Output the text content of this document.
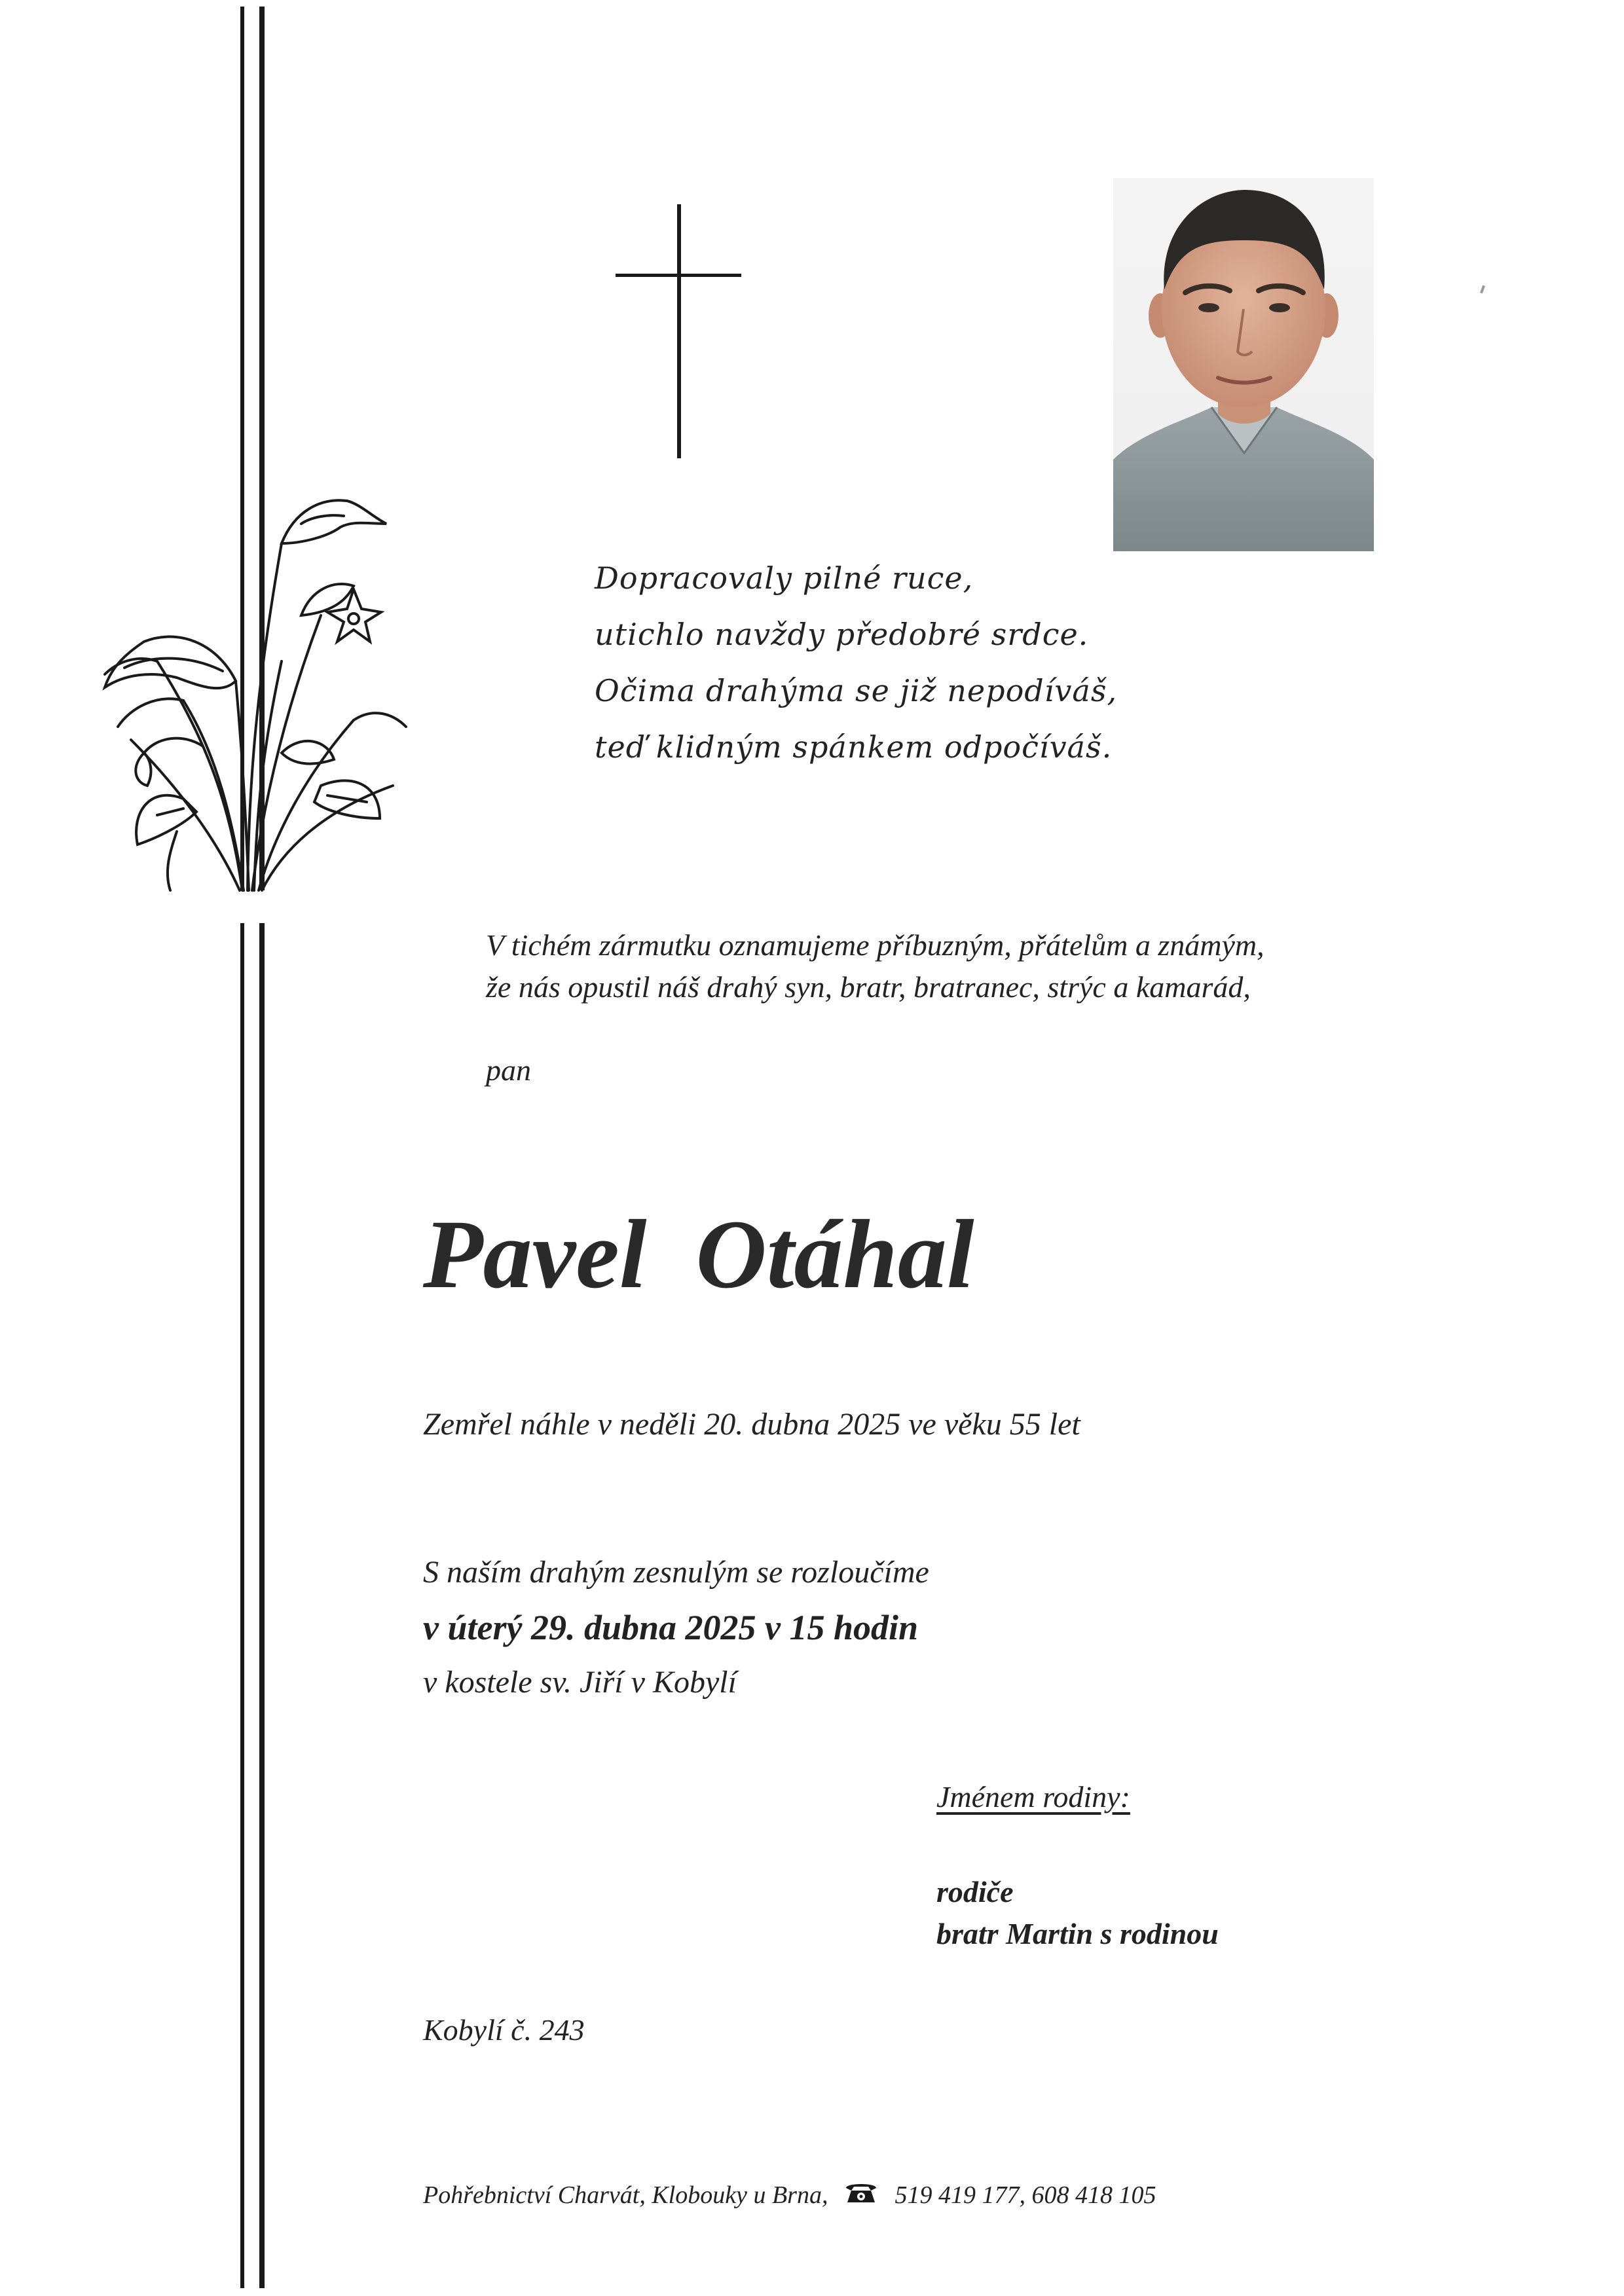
Dopracovaly pilné ruce,
utichlo navždy předobré srdce.
Očima drahýma se již nepodíváš,
teď klidným spánkem odpočíváš.
V tichém zármutku oznamujeme příbuzným, přátelům a známým,
že nás opustil náš drahý syn, bratr, bratranec, strýc a kamarád,
pan
Pavel  Otáhal
Zemřel náhle v neděli 20. dubna 2025 ve věku 55 let
S naším drahým zesnulým se rozloučíme
v úterý 29. dubna 2025 v 15 hodin
v kostele sv. Jiří v Kobylí
Jménem rodiny:
rodiče
bratr Martin s rodinou
Kobylí č. 243
Pohřebnictví Charvát, Klobouky u Brna,	519 419 177, 608 418 105
